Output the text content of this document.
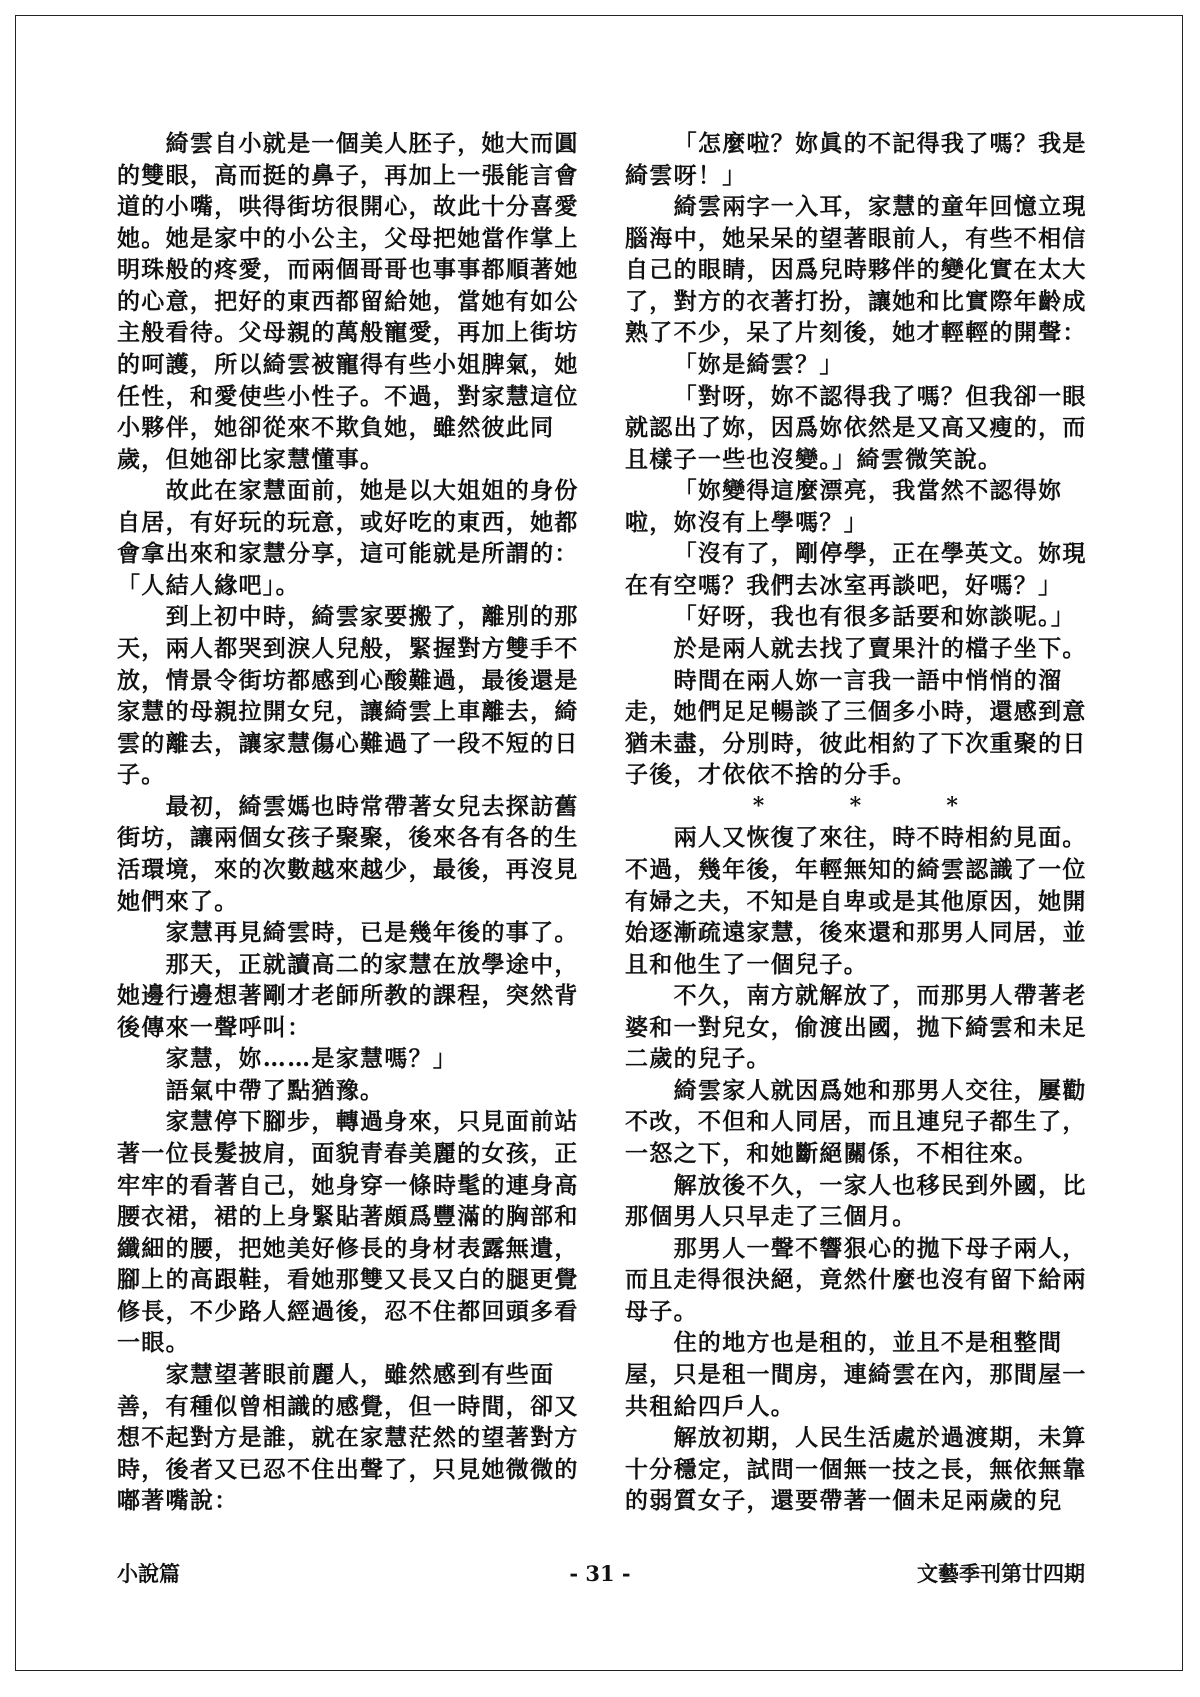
綺雲自小就是一個美人胚子，她大而圓
的雙眼，高而挺的鼻子，再加上一張能言會
道的小嘴，哄得街坊很開心，故此十分喜愛
她。她是家中的小公主，父母把她當作掌上
明珠般的疼愛，而兩個哥哥也事事都順著她
的心意，把好的東西都留給她，當她有如公
主般看待。父母親的萬般寵愛，再加上街坊
的呵護，所以綺雲被寵得有些小姐脾氣，她
任性，和愛使些小性子。不過，對家慧這位
小夥伴，她卻從來不欺負她，雖然彼此同
歲，但她卻比家慧懂事。
故此在家慧面前，她是以大姐姐的身份
自居，有好玩的玩意，或好吃的東西，她都
會拿出來和家慧分享，這可能就是所謂的：
「人結人緣吧」。
到上初中時，綺雲家要搬了，離別的那
天，兩人都哭到淚人兒般，緊握對方雙手不
放，情景令街坊都感到心酸難過，最後還是
家慧的母親拉開女兒，讓綺雲上車離去，綺
雲的離去，讓家慧傷心難過了一段不短的日
子。
最初，綺雲媽也時常帶著女兒去探訪舊
街坊，讓兩個女孩子聚聚，後來各有各的生
活環境，來的次數越來越少，最後，再沒見
她們來了。
家慧再見綺雲時，已是幾年後的事了。
那天，正就讀高二的家慧在放學途中，
她邊行邊想著剛才老師所教的課程，突然背
後傳來一聲呼叫：
家慧，妳……是家慧嗎？」
語氣中帶了點猶豫。
家慧停下腳步，轉過身來，只見面前站
著一位長髮披肩，面貌青春美麗的女孩，正
牢牢的看著自己，她身穿一條時髦的連身高
腰衣裙，裙的上身緊貼著頗爲豐滿的胸部和
纖細的腰，把她美好修長的身材表露無遺，
腳上的高跟鞋，看她那雙又長又白的腿更覺
修長，不少路人經過後，忍不住都回頭多看
一眼。
家慧望著眼前麗人，雖然感到有些面
善，有種似曾相識的感覺，但一時間，卻又
想不起對方是誰，就在家慧茫然的望著對方
時，後者又已忍不住出聲了，只見她微微的
嘟著嘴說：
「怎麼啦？妳眞的不記得我了嗎？我是
綺雲呀！」
綺雲兩字一入耳，家慧的童年回憶立現
腦海中，她呆呆的望著眼前人，有些不相信
自己的眼睛，因爲兒時夥伴的變化實在太大
了，對方的衣著打扮，讓她和比實際年齡成
熟了不少，呆了片刻後，她才輕輕的開聲：
「妳是綺雲？」
「對呀，妳不認得我了嗎？但我卻一眼
就認出了妳，因爲妳依然是又高又瘦的，而
且樣子一些也沒變。」綺雲微笑說。
「妳變得這麼漂亮，我當然不認得妳
啦，妳沒有上學嗎？」
「沒有了，剛停學，正在學英文。妳現
在有空嗎？我們去冰室再談吧，好嗎？」
「好呀，我也有很多話要和妳談呢。」
於是兩人就去找了賣果汁的檔子坐下。
時間在兩人妳一言我一語中悄悄的溜
走，她們足足暢談了三個多小時，還感到意
猶未盡，分別時，彼此相約了下次重聚的日
子後，才依依不捨的分手。
*	*	*
兩人又恢復了來往，時不時相約見面。
不過，幾年後，年輕無知的綺雲認識了一位
有婦之夫，不知是自卑或是其他原因，她開
始逐漸疏遠家慧，後來還和那男人同居，並
且和他生了一個兒子。
不久，南方就解放了，而那男人帶著老
婆和一對兒女，偷渡出國，拋下綺雲和未足
二歲的兒子。
綺雲家人就因爲她和那男人交往，屢勸
不改，不但和人同居，而且連兒子都生了，
一怒之下，和她斷絕關係，不相往來。
解放後不久，一家人也移民到外國，比
那個男人只早走了三個月。
那男人一聲不響狠心的拋下母子兩人，
而且走得很決絕，竟然什麼也沒有留下給兩
母子。
住的地方也是租的，並且不是租整間
屋，只是租一間房，連綺雲在內，那間屋一
共租給四戶人。
解放初期，人民生活處於過渡期，未算
十分穩定，試問一個無一技之長，無依無靠
的弱質女子，還要帶著一個未足兩歲的兒
小說篇	- 31 -	文藝季刊第廿四期
